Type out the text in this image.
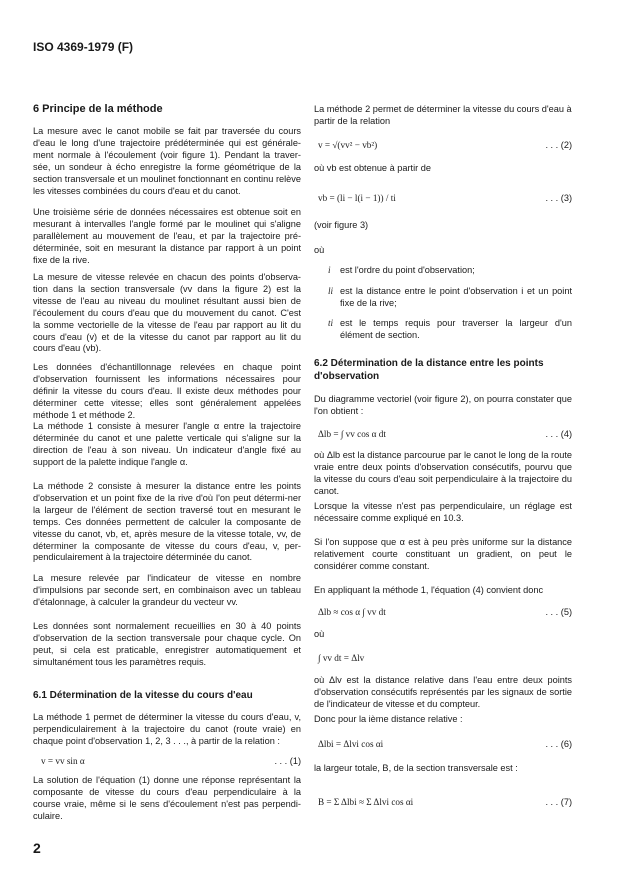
ISO 4369-1979 (F)
6 Principe de la méthode
La mesure avec le canot mobile se fait par traversée du cours d'eau le long d'une trajectoire prédéterminée qui est générale-ment normale à l'écoulement (voir figure 1). Pendant la traver-sée, un sondeur à écho enregistre la forme géométrique de la section transversale et un moulinet fonctionnant en continu relève les vitesses combinées du cours d'eau et du canot.
Une troisième série de données nécessaires est obtenue soit en mesurant à intervalles l'angle formé par le moulinet qui s'aligne parallèlement au mouvement de l'eau, et par la trajectoire pré-déterminée, soit en mesurant la distance par rapport à un point fixe de la rive.
La mesure de vitesse relevée en chacun des points d'observa-tion dans la section transversale (vv dans la figure 2) est la vitesse de l'eau au niveau du moulinet résultant aussi bien de l'écoulement du cours d'eau que du mouvement du canot. C'est la somme vectorielle de la vitesse de l'eau par rapport au lit du cours d'eau (v) et de la vitesse du canot par rapport au lit du cours d'eau (vb).
Les données d'échantillonnage relevées en chaque point d'observation fournissent les informations nécessaires pour définir la vitesse du cours d'eau. Il existe deux méthodes pour déterminer cette vitesse; elles sont généralement appelées méthode 1 et méthode 2.
La méthode 1 consiste à mesurer l'angle α entre la trajectoire déterminée du canot et une palette verticale qui s'aligne sur la direction de l'eau à son niveau. Un indicateur d'angle fixé au support de la palette indique l'angle α.
La méthode 2 consiste à mesurer la distance entre les points d'observation et un point fixe de la rive d'où l'on peut détermi-ner la largeur de l'élément de section traversé tout en mesurant le temps. Ces données permettent de calculer la composante de vitesse du canot, vb, et, après mesure de la vitesse totale, vv, de déterminer la composante de vitesse du cours d'eau, v, per-pendiculairement à la trajectoire déterminée du canot.
La mesure relevée par l'indicateur de vitesse en nombre d'impulsions par seconde sert, en combinaison avec un tableau d'étalonnage, à calculer la grandeur du vecteur vv.
Les données sont normalement recueillies en 30 à 40 points d'observation de la section transversale pour chaque cycle. On peut, si cela est praticable, enregistrer automatiquement et simultanément tous les paramètres requis.
6.1 Détermination de la vitesse du cours d'eau
La méthode 1 permet de déterminer la vitesse du cours d'eau, v, perpendiculairement à la trajectoire du canot (route vraie) en chaque point d'observation 1, 2, 3 . . ., à partir de la relation :
v = vv sin α	. . . (1)
La solution de l'équation (1) donne une réponse représentant la composante de vitesse du cours d'eau perpendiculaire à la course vraie, même si le sens d'écoulement n'est pas perpendi-culaire.
La méthode 2 permet de déterminer la vitesse du cours d'eau à partir de la relation
v = √(vv² − vb²)	. . . (2)
où vb est obtenue à partir de
vb = (li − l(i − 1)) / ti	. . . (3)
(voir figure 3)
où
i est l'ordre du point d'observation;
li est la distance entre le point d'observation i et un point fixe de la rive;
ti est le temps requis pour traverser la largeur d'un élément de section.
6.2 Détermination de la distance entre les points d'observation
Du diagramme vectoriel (voir figure 2), on pourra constater que l'on obtient :
Δlb = ∫ vv cos α dt	. . . (4)
où Δlb est la distance parcourue par le canot le long de la route vraie entre deux points d'observation consécutifs, pourvu que la vitesse du cours d'eau soit perpendiculaire à la trajectoire du canot.
Lorsque la vitesse n'est pas perpendiculaire, un réglage est nécessaire comme expliqué en 10.3.
Si l'on suppose que α est à peu près uniforme sur la distance relativement courte constituant un gradient, on peut le considérer comme constant.
En appliquant la méthode 1, l'équation (4) convient donc
Δlb ≈ cos α ∫ vv dt	. . . (5)
où
∫ vv dt = Δlv
où Δlv est la distance relative dans l'eau entre deux points d'observation consécutifs représentés par les signaux de sortie de l'indicateur de vitesse et du compteur.
Donc pour la ième distance relative :
Δlbi = Δlvi cos αi	. . . (6)
la largeur totale, B, de la section transversale est :
B = Σ Δlbi ≈ Σ Δlvi cos αi	. . . (7)
2
